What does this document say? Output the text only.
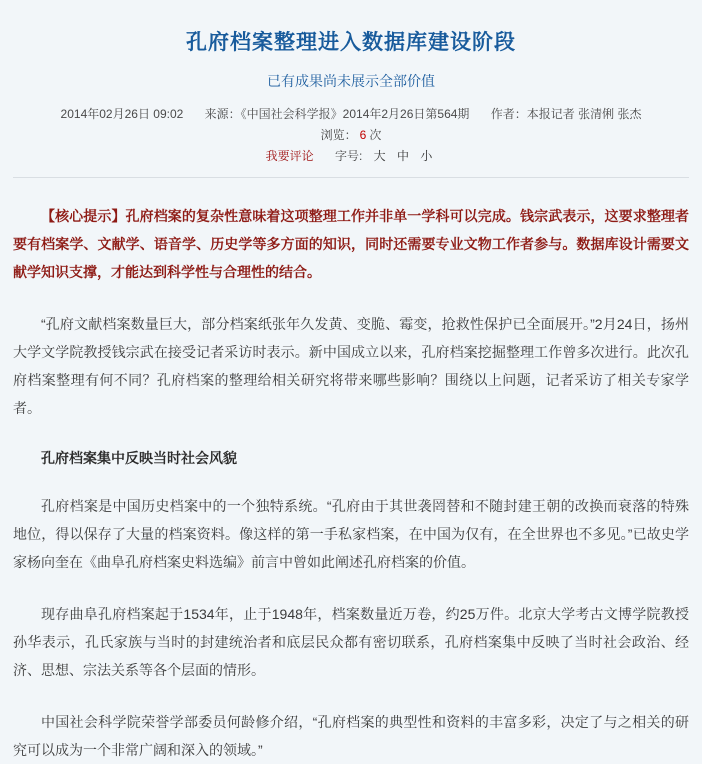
孔府档案整理进入数据库建设阶段
已有成果尚未展示全部价值
2014年02月26日 09:02 来源：《中国社会科学报》2014年2月26日第564期 作者：本报记者 张清俐 张杰 浏览： 6 次
我要评论 字号: 大 中 小

【核心提示】孔府档案的复杂性意味着这项整理工作并非单一学科可以完成。钱宗武表示，这要求整理者要有档案学、文献学、语音学、历史学等多方面的知识，同时还需要专业文物工作者参与。数据库设计需要文献学知识支撑，才能达到科学性与合理性的结合。

“孔府文献档案数量巨大，部分档案纸张年久发黄、变脆、霉变，抢救性保护已全面展开。”2月24日，扬州大学文学院教授钱宗武在接受记者采访时表示。新中国成立以来，孔府档案挖掘整理工作曾多次进行。此次孔府档案整理有何不同？孔府档案的整理给相关研究将带来哪些影响？围绕以上问题，记者采访了相关专家学者。

孔府档案集中反映当时社会风貌

孔府档案是中国历史档案中的一个独特系统。“孔府由于其世袭罔替和不随封建王朝的改换而衰落的特殊地位，得以保存了大量的档案资料。像这样的第一手私家档案，在中国为仅有，在全世界也不多见。”已故史学家杨向奎在《曲阜孔府档案史料选编》前言中曾如此阐述孔府档案的价值。

现存曲阜孔府档案起于1534年，止于1948年，档案数量近万卷，约25万件。北京大学考古文博学院教授孙华表示，孔氏家族与当时的封建统治者和底层民众都有密切联系，孔府档案集中反映了当时社会政治、经济、思想、宗法关系等各个层面的情形。

中国社会科学院荣誉学部委员何龄修介绍，“孔府档案的典型性和资料的丰富多彩，决定了与之相关的研究可以成为一个非常广阔和深入的领域。”
